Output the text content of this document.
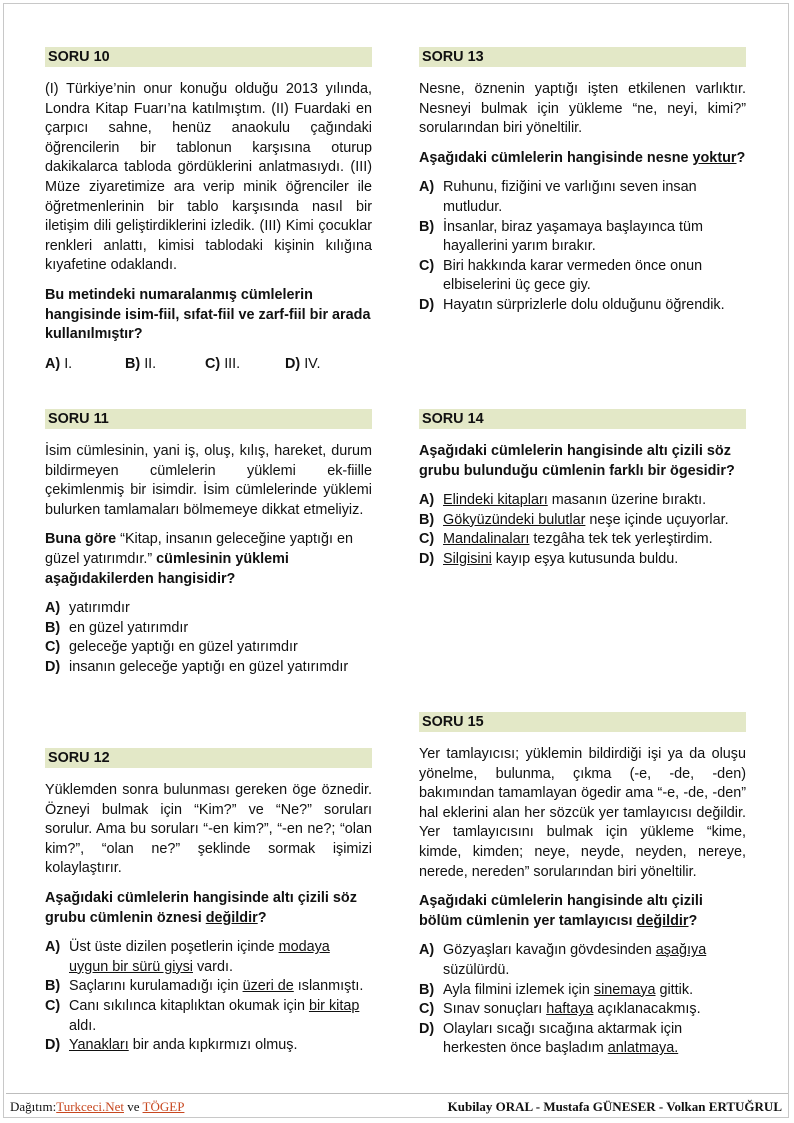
SORU 10
(I) Türkiye’nin onur konuğu olduğu 2013 yılında, Londra Kitap Fuarı’na katılmıştım. (II) Fuardaki en çarpıcı sahne, henüz anaokulu çağındaki öğrencilerin bir tablonun karşısına oturup dakikalarca tabloda gördüklerini anlatmasıydı. (III) Müze ziyaretimize ara verip minik öğrenciler ile öğretmenlerinin bir tablo karşısında nasıl bir iletişim dili geliştirdiklerini izledik. (III) Kimi çocuklar renkleri anlattı, kimisi tablodaki kişinin kılığına kıyafetine odaklandı.
Bu metindeki numaralanmış cümlelerin hangisinde isim-fiil, sıfat-fiil ve zarf-fiil bir arada kullanılmıştır?
A) I.	B) II.	C) III.	D) IV.
SORU 11
İsim cümlesinin, yani iş, oluş, kılış, hareket, durum bildirmeyen cümlelerin yüklemi ek-fiille çekimlenmiş bir isimdir. İsim cümlelerinde yüklemi bulurken tamlamaları bölmemeye dikkat etmeliyiz.
Buna göre “Kitap, insanın geleceğine yaptığı en güzel yatırımdır.” cümlesinin yüklemi aşağıdakilerden hangisidir?
A) yatırımdır
B) en güzel yatırımdır
C) geleceğe yaptığı en güzel yatırımdır
D) insanın geleceğe yaptığı en güzel yatırımdır
SORU 12
Yüklemden sonra bulunması gereken öge öznedir. Özneyi bulmak için “Kim?” ve “Ne?” soruları sorulur. Ama bu soruları “-en kim?”, “-en ne?; “olan kim?”, “olan ne?” şeklinde sormak işimizi kolaylaştırır.
Aşağıdaki cümlelerin hangisinde altı çizili söz grubu cümlenin öznesi değildir?
A) Üst üste dizilen poşetlerin içinde modaya uygun bir sürü giysi vardı.
B) Saçlarını kurulamadığı için üzeri de ıslanmıştı.
C) Canı sıkılınca kitaplıktan okumak için bir kitap aldı.
D) Yanakları bir anda kıpkırmızı olmuş.
SORU 13
Nesne, öznenin yaptığı işten etkilenen varlıktır. Nesneyi bulmak için yükleme “ne, neyi, kimi?” sorularından biri yöneltilir.
Aşağıdaki cümlelerin hangisinde nesne yoktur?
A) Ruhunu, fiziğini ve varlığını seven insan mutludur.
B) İnsanlar, biraz yaşamaya başlayınca tüm hayallerini yarım bırakır.
C) Biri hakkında karar vermeden önce onun elbiselerini üç gece giy.
D) Hayatın sürprizlerle dolu olduğunu öğrendik.
SORU 14
Aşağıdaki cümlelerin hangisinde altı çizili söz grubu bulunduğu cümlenin farklı bir ögesidir?
A) Elindeki kitapları masanın üzerine bıraktı.
B) Gökyüzündeki bulutlar neşe içinde uçuyorlar.
C) Mandalinaları tezgâha tek tek yerleştirdim.
D) Silgisini kayıp eşya kutusunda buldu.
SORU 15
Yer tamlayıcısı; yüklemin bildirdiği işi ya da oluşu yönelme, bulunma, çıkma (-e, -de, -den) bakımından tamamlayan ögedir ama “-e, -de, -den” hal eklerini alan her sözcük yer tamlayıcısı değildir. Yer tamlayıcısını bulmak için yükleme “kime, kimde, kimden; neye, neyde, neyden, nereye, nerede, nereden” sorularından biri yöneltilir.
Aşağıdaki cümlelerin hangisinde altı çizili bölüm cümlenin yer tamlayıcısı değildir?
A) Gözyaşları kavağın gövdesinden aşağıya süzülürdü.
B) Ayla filmini izlemek için sinemaya gittik.
C) Sınav sonuçları haftaya açıklanacakmış.
D) Olayları sıcağı sıcağına aktarmak için herkesten önce başladım anlatmaya.
Dağıtım:Turkceci.Net ve TÖGEP	Kubilay ORAL - Mustafa GÜNESER - Volkan ERTUĞRUL
